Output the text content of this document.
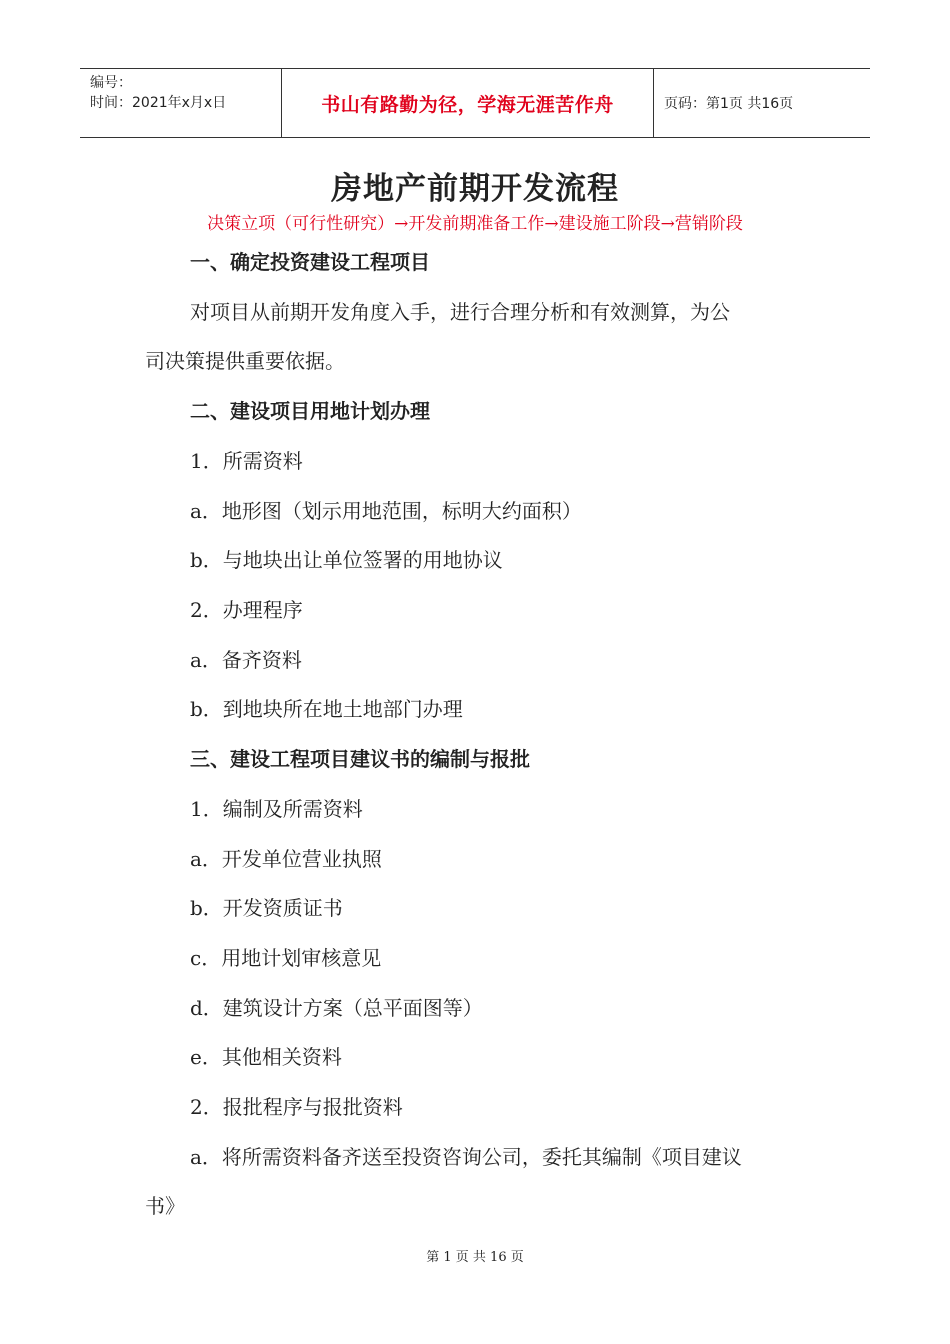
编号：
时间：2021年x月x日	书山有路勤为径，学海无涯苦作舟	页码：第1页 共16页
房地产前期开发流程
决策立项（可行性研究）→开发前期准备工作→建设施工阶段→营销阶段
一、确定投资建设工程项目
对项目从前期开发角度入手，进行合理分析和有效测算，为公
司决策提供重要依据。
二、建设项目用地计划办理
1．所需资料
a．地形图（划示用地范围，标明大约面积）
b．与地块出让单位签署的用地协议
2．办理程序
a．备齐资料
b．到地块所在地土地部门办理
三、建设工程项目建议书的编制与报批
1．编制及所需资料
a．开发单位营业执照
b．开发资质证书
c．用地计划审核意见
d．建筑设计方案（总平面图等）
e．其他相关资料
2．报批程序与报批资料
a．将所需资料备齐送至投资咨询公司，委托其编制《项目建议
书》
第 1 页 共 16 页
